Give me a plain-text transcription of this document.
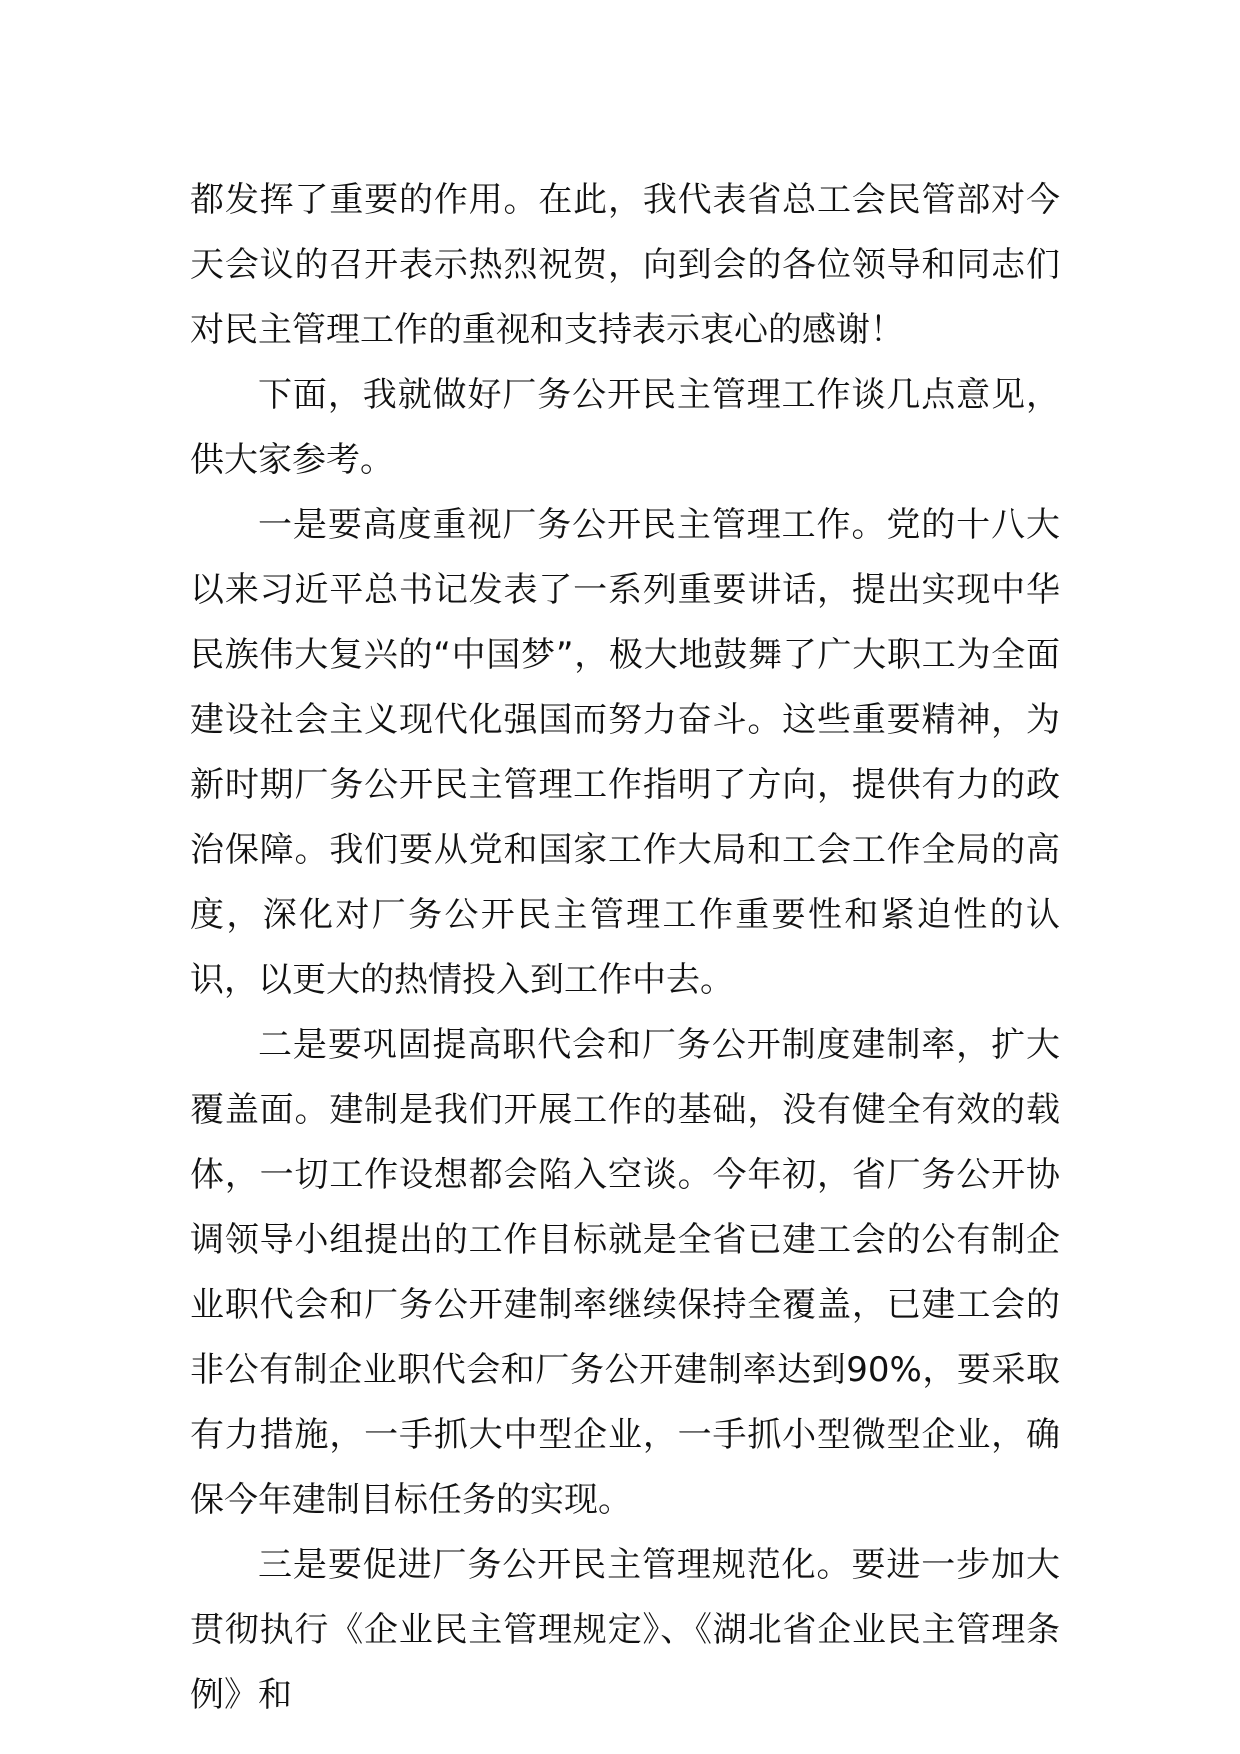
都发挥了重要的作用。在此，我代表省总工会民管部对今天会议的召开表示热烈祝贺，向到会的各位领导和同志们对民主管理工作的重视和支持表示衷心的感谢！

下面，我就做好厂务公开民主管理工作谈几点意见，供大家参考。

一是要高度重视厂务公开民主管理工作。党的十八大以来习近平总书记发表了一系列重要讲话，提出实现中华民族伟大复兴的“中国梦”，极大地鼓舞了广大职工为全面建设社会主义现代化强国而努力奋斗。这些重要精神，为新时期厂务公开民主管理工作指明了方向，提供有力的政治保障。我们要从党和国家工作大局和工会工作全局的高度，深化对厂务公开民主管理工作重要性和紧迫性的认识，以更大的热情投入到工作中去。

二是要巩固提高职代会和厂务公开制度建制率，扩大覆盖面。建制是我们开展工作的基础，没有健全有效的载体，一切工作设想都会陷入空谈。今年初，省厂务公开协调领导小组提出的工作目标就是全省已建工会的公有制企业职代会和厂务公开建制率继续保持全覆盖，已建工会的非公有制企业职代会和厂务公开建制率达到90%，要采取有力措施，一手抓大中型企业，一手抓小型微型企业，确保今年建制目标任务的实现。

三是要促进厂务公开民主管理规范化。要进一步加大贯彻执行《企业民主管理规定》、《湖北省企业民主管理条例》和
